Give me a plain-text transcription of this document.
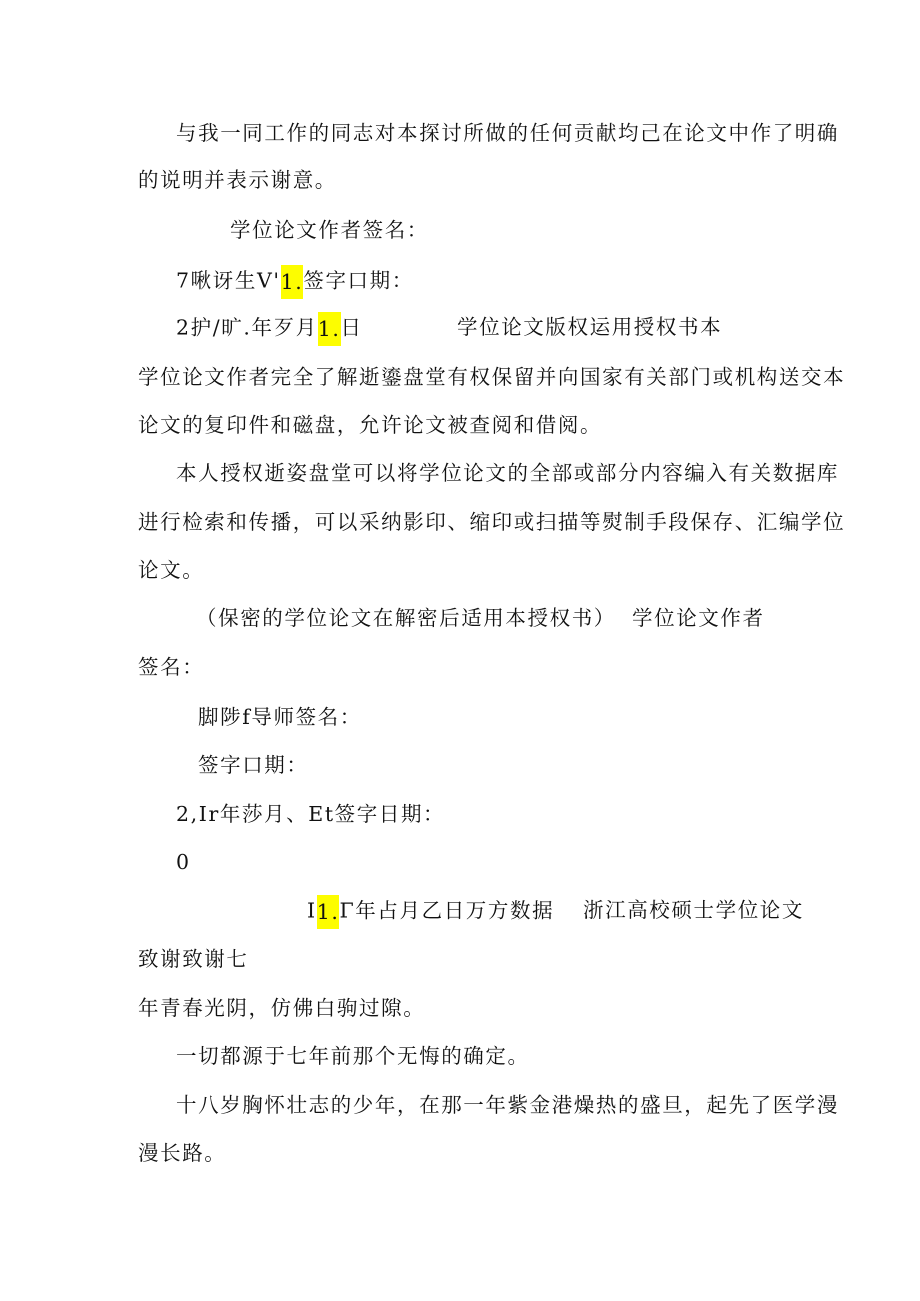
与我一同工作的同志对本探讨所做的任何贡献均己在论文中作了明确
的说明并表示谢意。
学位论文作者签名：
7啾讶生V'1.签字口期：
2护/旷.年歹月1.日	学位论文版权运用授权书本
学位论文作者完全了解逝鎏盘堂有权保留并向国家有关部门或机构送交本
论文的复印件和磁盘，允许论文被查阅和借阅。
本人授权逝姿盘堂可以将学位论文的全部或部分内容编入有关数据库
进行检索和传播，可以采纳影印、缩印或扫描等熨制手段保存、汇编学位
论文。
（保密的学位论文在解密后适用本授权书） 学位论文作者
签名：
脚陟f导师签名：
签字口期：
2,Ir年莎月、Et签字日期：
0
I1.Γ年占月乙日万方数据 浙江高校硕士学位论文
致谢致谢七
年青春光阴，仿佛白驹过隙。
一切都源于七年前那个无悔的确定。
十八岁胸怀壮志的少年，在那一年紫金港燥热的盛旦，起先了医学漫
漫长路。
